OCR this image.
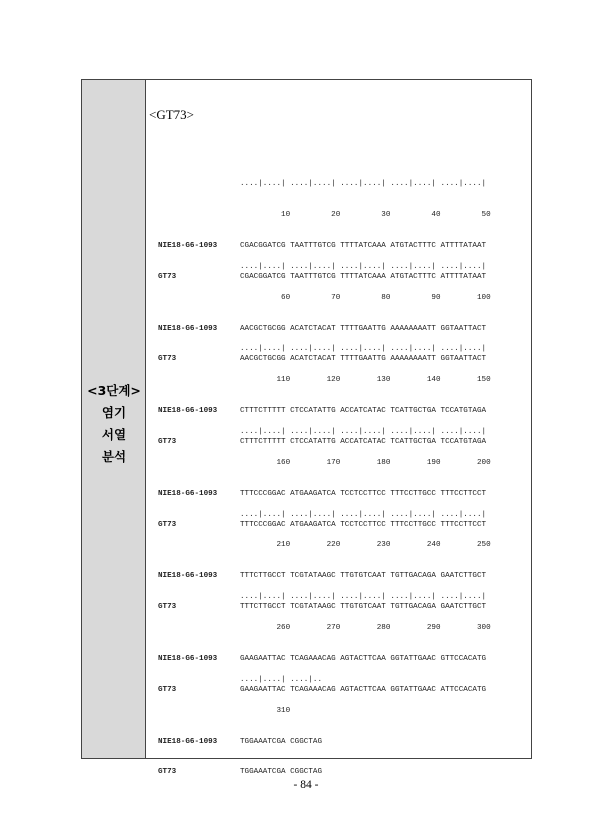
<3단계>
염기
서열
분석
<GT73>

....|....| ....|....| ....|....| ....|....| ....|....|

10         20         30         40         50

NIE18-G6-1093	CGACGGATCG TAATTTGTCG TTTTATCAAA ATGTACTTTC ATTTTATAAT

GT73	CGACGGATCG TAATTTGTCG TTTTATCAAA ATGTACTTTC ATTTTATAAT

....|....| ....|....| ....|....| ....|....| ....|....|

60         70         80         90        100

NIE18-G6-1093	AACGCTGCGG ACATCTACAT TTTTGAATTG AAAAAAAATT GGTAATTACT

GT73	AACGCTGCGG ACATCTACAT TTTTGAATTG AAAAAAAATT GGTAATTACT

....|....| ....|....| ....|....| ....|....| ....|....|

110        120        130        140        150

NIE18-G6-1093	CTTTCTTTTT CTCCATATTG ACCATCATAC TCATTGCTGA TCCATGTAGA

GT73	CTTTCTTTTT CTCCATATTG ACCATCATAC TCATTGCTGA TCCATGTAGA

....|....| ....|....| ....|....| ....|....| ....|....|

160        170        180        190        200

NIE18-G6-1093	TTTCCCGGAC ATGAAGATCA TCCTCCTTCC TTTCCTTGCC TTTCCTTCCT

GT73	TTTCCCGGAC ATGAAGATCA TCCTCCTTCC TTTCCTTGCC TTTCCTTCCT

....|....| ....|....| ....|....| ....|....| ....|....|

210        220        230        240        250

NIE18-G6-1093	TTTCTTGCCT TCGTATAAGC TTGTGTCAAT TGTTGACAGA GAATCTTGCT

GT73	TTTCTTGCCT TCGTATAAGC TTGTGTCAAT TGTTGACAGA GAATCTTGCT

....|....| ....|....| ....|....| ....|....| ....|....|

260        270        280        290        300

NIE18-G6-1093	GAAGAATTAC TCAGAAACAG AGTACTTCAA GGTATTGAAC GTTCCACATG

GT73	GAAGAATTAC TCAGAAACAG AGTACTTCAA GGTATTGAAC ATTCCACATG

....|....| ....|..

310

NIE18-G6-1093	TGGAAATCGA CGGCTAG

GT73	TGGAAATCGA CGGCTAG

- 84 -
